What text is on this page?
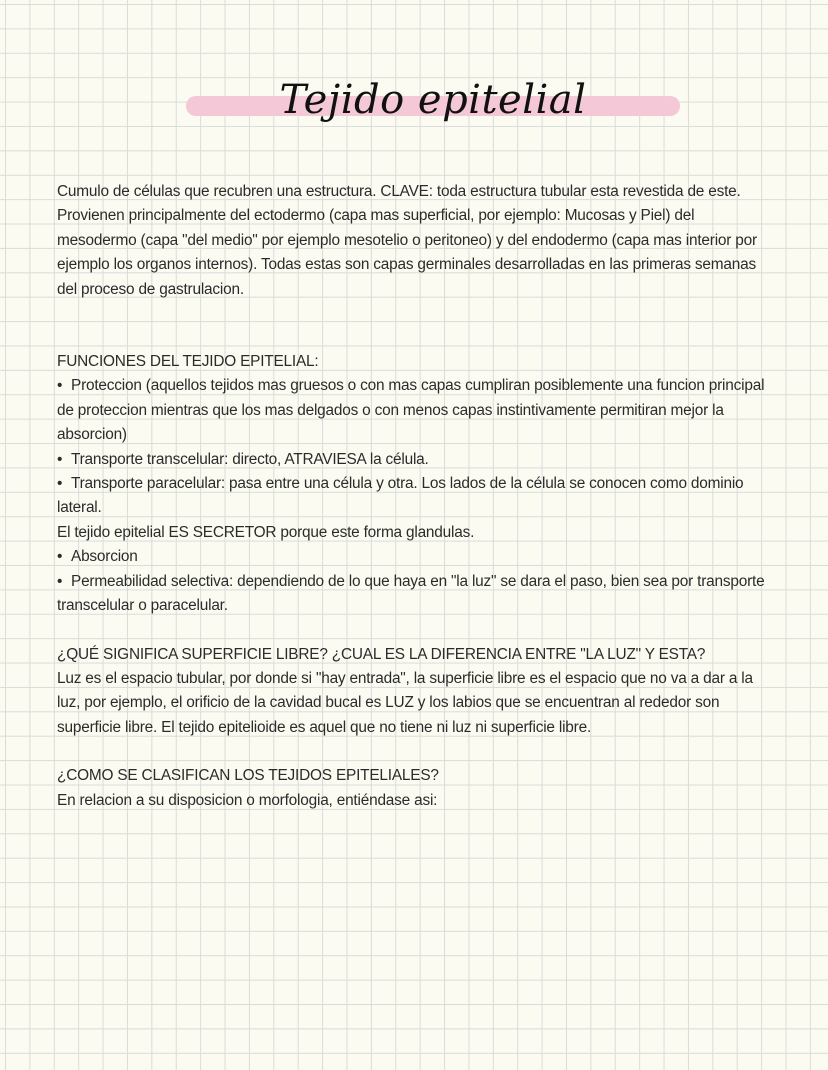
Tejido epitelial

Cumulo de células que recubren una estructura. CLAVE: toda estructura tubular esta revestida de este. Provienen principalmente del ectodermo (capa mas superficial, por ejemplo: Mucosas y Piel) del mesodermo (capa "del medio" por ejemplo mesotelio o peritoneo) y del endodermo (capa mas interior por ejemplo los organos internos). Todas estas son capas germinales desarrolladas en las primeras semanas del proceso de gastrulacion.

FUNCIONES DEL TEJIDO EPITELIAL:

• Proteccion (aquellos tejidos mas gruesos o con mas capas cumpliran posiblemente una funcion principal de proteccion mientras que los mas delgados o con menos capas instintivamente permitiran mejor la absorcion)

• Transporte transcelular: directo, ATRAVIESA la célula.

• Transporte paracelular: pasa entre una célula y otra. Los lados de la célula se conocen como dominio lateral.

El tejido epitelial ES SECRETOR porque este forma glandulas.

• Absorcion

• Permeabilidad selectiva: dependiendo de lo que haya en "la luz" se dara el paso, bien sea por transporte transcelular o paracelular.

¿QUÉ SIGNIFICA SUPERFICIE LIBRE? ¿CUAL ES LA DIFERENCIA ENTRE "LA LUZ" Y ESTA?

Luz es el espacio tubular, por donde si "hay entrada", la superficie libre es el espacio que no va a dar a la luz, por ejemplo, el orificio de la cavidad bucal es LUZ y los labios que se encuentran al rededor son superficie libre. El tejido epitelioide es aquel que no tiene ni luz ni superficie libre.

¿COMO SE CLASIFICAN LOS TEJIDOS EPITELIALES?

En relacion a su disposicion o morfologia, entiéndase asi:
